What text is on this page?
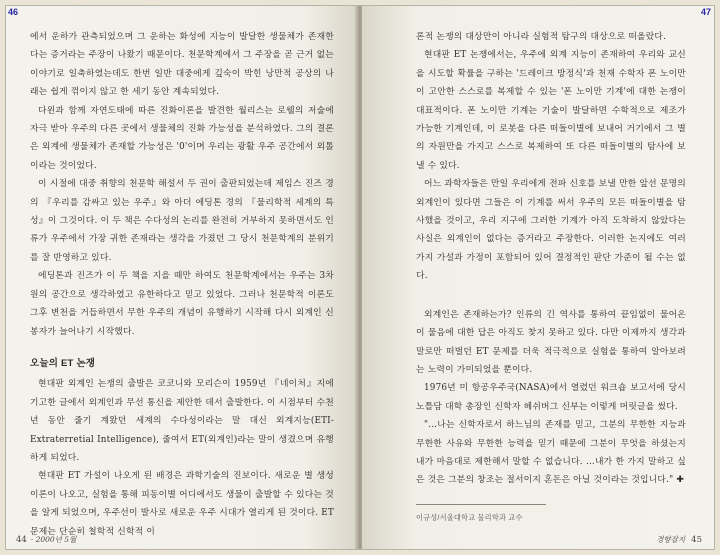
46

에서 운하가 관측되었으며 그 운하는 화성에 지능이 발달한 생물체가 존재한다는 증거라는 주장이 나왔기 때문이다. 천문학계에서 그 주장을 곧 근거 없는 이야기로 일축하였는데도 한번 일반 대중에게 깊숙이 박힌 낭만적 공상의 나래는 쉽게 꺾이지 않고 한 세기 동안 계속되었다.

다윈과 함께 자연도태에 따른 진화이론을 발견한 월리스는 로웰의 저술에 자극 받아 우주의 다른 곳에서 생물체의 진화 가능성을 분석하였다. 그의 결론은 외계에 생물체가 존재할 가능성은 '0'이며 우리는 광활 우주 공간에서 외톨이라는 것이었다.

이 시절에 대중 취향의 천문학 해설서 두 권이 출판되었는데 제임스 진즈 경의 『우리를 감싸고 있는 우주』와 아더 에딩톤 경의 『물리학적 세계의 특성』이 그것이다. 이 두 책은 수다성의 논리를 완전히 거부하지 못하면서도 인류가 우주에서 가장 귀한 존재라는 생각을 가졌던 그 당시 천문학계의 분위기를 잘 반영하고 있다.

에딩톤과 진즈가 이 두 책을 지을 때만 하여도 천문학계에서는 우주는 3차원의 공간으로 생각하였고 유한하다고 믿고 있었다. 그러나 천문학적 이론도 그후 변천을 거듭하면서 무한 우주의 개념이 유행하기 시작해 다시 외계인 신봉자가 늘어나기 시작했다.

오늘의 ET 논쟁

현대판 외계인 논쟁의 출발은 코코니와 모리슨이 1959년 『네이처』지에 기고한 글에서 외계인과 무선 통신을 제안한 데서 출발한다. 이 시점부터 수천 년 동안 줄기 계왔던 세계의 수다성이라는 말 대신 외계지능(ETI-Extraterretial Intelligence), 줄여서 ET(외계인)라는 말이 생겼으며 유행하게 되었다.

현대판 ET 가설이 나오게 된 배경은 과학기술의 진보이다. 새로운 별 생성 이론이 나오고, 실험을 통해 피동이별 어디에서도 생물이 출발할 수 있다는 것을 알게 되었으며, 우주선이 발사로 새로운 우주 시대가 열리게 된 것이다. ET 문제는 단순히 철학적 신학적 이

44 · 2000년 5월
47

론적 논쟁의 대상만이 아니라 실험적 탐구의 대상으로 떠올랐다.

현대판 ET 논쟁에서는, 우주에 외계 지능이 존재하여 우리와 교신을 시도할 확률을 구하는 '드레이크 방정식'과 천재 수학자 폰 노이만이 고안한 스스로를 복제할 수 있는 '폰 노이만 기계'에 대한 논쟁이 대표적이다. 폰 노이만 기계는 기술이 발달하면 수학적으로 제조가 가능한 기계인데, 이 로봇을 다른 떠돌이별에 보내어 거기에서 그 별의 자원만을 가지고 스스로 복제하여 또 다른 떠돌이별의 탐사에 보낼 수 있다.

어느 과학자들은 만일 우리에게 전파 신호를 보낼 만한 앞선 문명의 외계인이 있다면 그들은 이 기계를 써서 우주의 모든 떠돌이별을 탐사했을 것이고, 우리 지구에 그러한 기계가 아직 도착하지 않았다는 사실은 외계인이 없다는 증거라고 주장한다. 이러한 논지에도 여러 가지 가설과 가정이 포함되어 있어 결정적인 판단 가준이 될 수는 없다.

외계인은 존재하는가? 인류의 긴 역사를 통하여 끝임없이 물어온 이 물음에 대한 답은 아직도 찾지 못하고 있다. 다만 이제까지 생각과 말로만 떠벌던 ET 문제를 더욱 적극적으로 실험을 통하여 알아보려는 노력이 가미되었을 뿐이다.

1976년 미 항공우주국(NASA)에서 열렸던 워크숍 보고서에 당시 노틀담 대학 총장인 신학자 헤쉬버그 신부는 이렇게 머릿글을 썼다.

"…나는 신학자로서 하느님의 존재를 믿고, 그분의 무한한 지능과 무한한 사유와 무한한 능력을 믿기 때문에 그분이 무엇을 하셨는지 내가 마음대로 제한해서 말할 수 없습니다. …내가 한 가지 말하고 싶은 것은 그분의 창조는 절서이지 혼돈은 아닐 것이라는 것입니다." ✚

이규성/서울대학교 물리학과 교수
경향잡지 45
